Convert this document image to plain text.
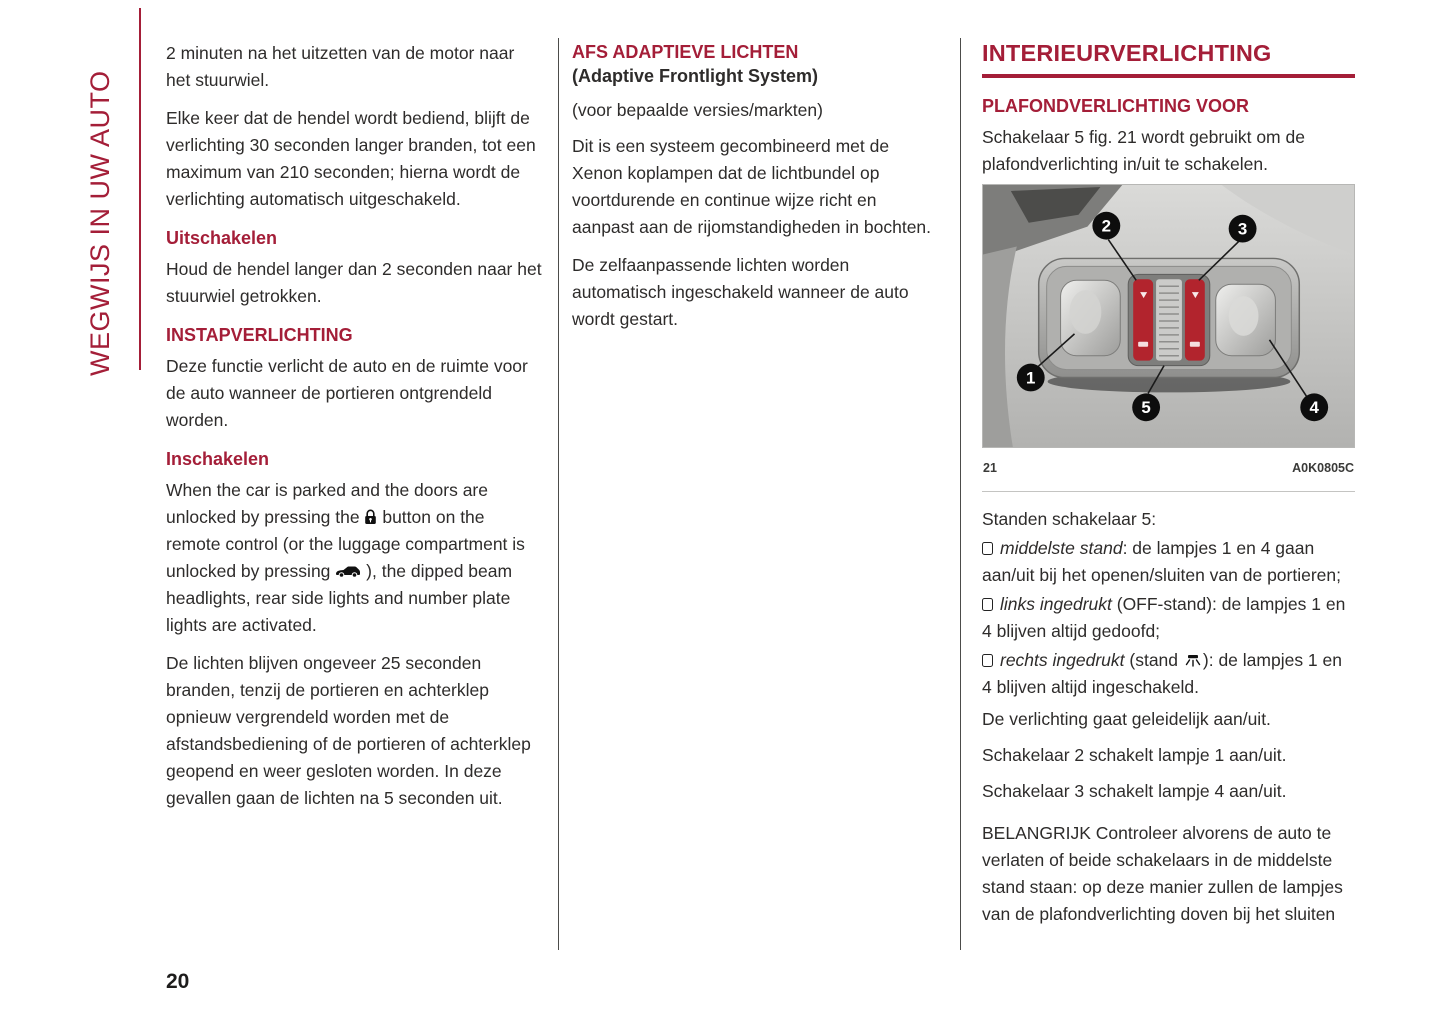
WEGWIJS IN UW AUTO

2 minuten na het uitzetten van de motor naar het stuurwiel.

Elke keer dat de hendel wordt bediend, blijft de verlichting 30 seconden langer branden, tot een maximum van 210 seconden; hierna wordt de verlichting automatisch uitgeschakeld.

Uitschakelen

Houd de hendel langer dan 2 seconden naar het stuurwiel getrokken.

INSTAPVERLICHTING

Deze functie verlicht de auto en de ruimte voor de auto wanneer de portieren ontgrendeld worden.

Inschakelen

When the car is parked and the doors are unlocked by pressing the button on the remote control (or the luggage compartment is unlocked by pressing ), the dipped beam headlights, rear side lights and number plate lights are activated.

De lichten blijven ongeveer 25 seconden branden, tenzij de portieren en achterklep opnieuw vergrendeld worden met de afstandsbediening of de portieren of achterklep geopend en weer gesloten worden. In deze gevallen gaan de lichten na 5 seconden uit.

AFS ADAPTIEVE LICHTEN
(Adaptive Frontlight System)

(voor bepaalde versies/markten)

Dit is een systeem gecombineerd met de Xenon koplampen dat de lichtbundel op voortdurende en continue wijze richt en aanpast aan de rijomstandigheden in bochten.

De zelfaanpassende lichten worden automatisch ingeschakeld wanneer de auto wordt gestart.

INTERIEURVERLICHTING
PLAFONDVERLICHTING VOOR

Schakelaar 5 fig. 21 wordt gebruikt om de plafondverlichting in/uit te schakelen.

2	3
1
5	4
21	A0K0805C

Standen schakelaar 5:

middelste stand: de lampjes 1 en 4 gaan aan/uit bij het openen/sluiten van de portieren;

links ingedrukt (OFF-stand): de lampjes 1 en 4 blijven altijd gedoofd;

rechts ingedrukt (stand ): de lampjes 1 en 4 blijven altijd ingeschakeld.

De verlichting gaat geleidelijk aan/uit.

Schakelaar 2 schakelt lampje 1 aan/uit.

Schakelaar 3 schakelt lampje 4 aan/uit.

BELANGRIJK Controleer alvorens de auto te verlaten of beide schakelaars in de middelste stand staan: op deze manier zullen de lampjes van de plafondverlichting doven bij het sluiten

20
